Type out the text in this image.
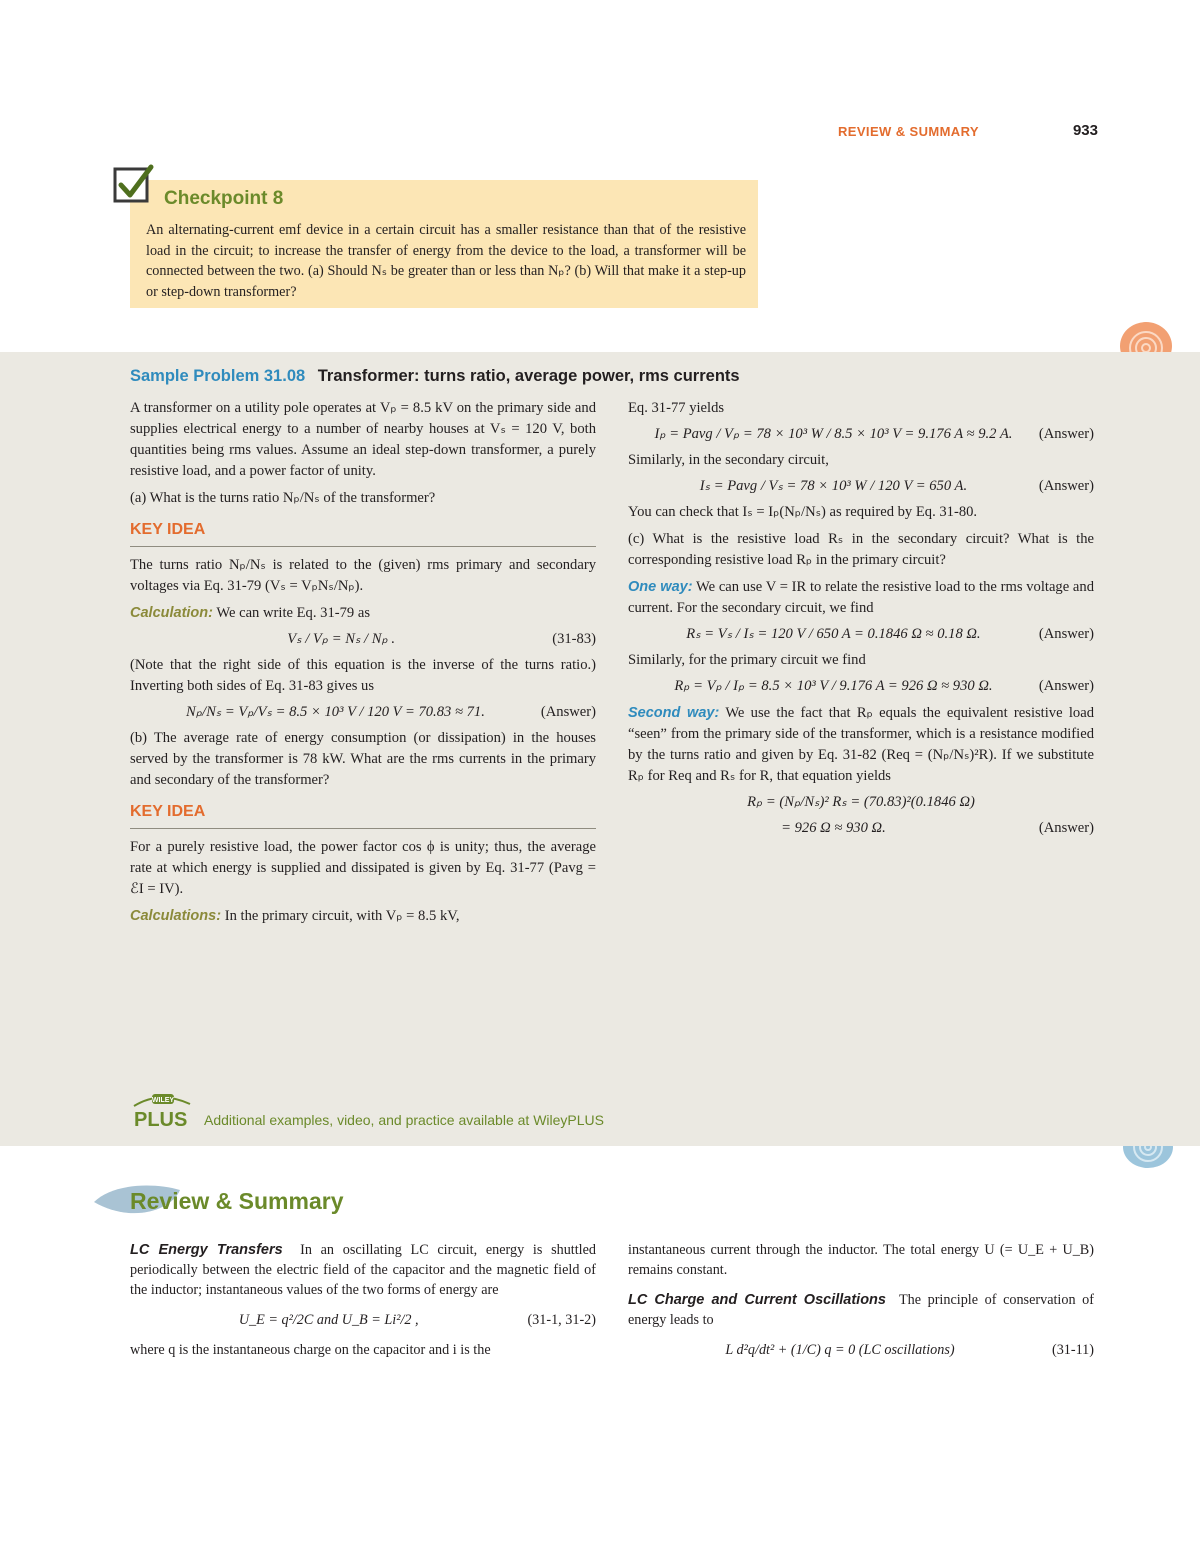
REVIEW & SUMMARY	933
Checkpoint 8
An alternating-current emf device in a certain circuit has a smaller resistance than that of the resistive load in the circuit; to increase the transfer of energy from the device to the load, a transformer will be connected between the two. (a) Should Nₛ be greater than or less than Nₚ? (b) Will that make it a step-up or step-down transformer?
Sample Problem 31.08 Transformer: turns ratio, average power, rms currents

A transformer on a utility pole operates at Vₚ = 8.5 kV on the primary side and supplies electrical energy to a number of nearby houses at Vₛ = 120 V, both quantities being rms values. Assume an ideal step-down transformer, a purely resistive load, and a power factor of unity.

(a) What is the turns ratio Nₚ/Nₛ of the transformer?

KEY IDEA

The turns ratio Nₚ/Nₛ is related to the (given) rms primary and secondary voltages via Eq. 31-79 (Vₛ = VₚNₛ/Nₚ).

Calculation: We can write Eq. 31-79 as

Vₛ / Vₚ = Nₛ / Nₚ .	(31-83)

(Note that the right side of this equation is the inverse of the turns ratio.) Inverting both sides of Eq. 31-83 gives us

Nₚ/Nₛ = Vₚ/Vₛ = 8.5 × 10³ V / 120 V = 70.83 ≈ 71.	(Answer)

(b) The average rate of energy consumption (or dissipation) in the houses served by the transformer is 78 kW. What are the rms currents in the primary and secondary of the transformer?

KEY IDEA

For a purely resistive load, the power factor cos ϕ is unity; thus, the average rate at which energy is supplied and dissipated is given by Eq. 31-77 (Pavg = ℰI = IV).

Calculations: In the primary circuit, with Vₚ = 8.5 kV,

Eq. 31-77 yields

Iₚ = Pavg / Vₚ = 78 × 10³ W / 8.5 × 10³ V = 9.176 A ≈ 9.2 A.	(Answer)

Similarly, in the secondary circuit,

Iₛ = Pavg / Vₛ = 78 × 10³ W / 120 V = 650 A.	(Answer)

You can check that Iₛ = Iₚ(Nₚ/Nₛ) as required by Eq. 31-80.

(c) What is the resistive load Rₛ in the secondary circuit? What is the corresponding resistive load Rₚ in the primary circuit?

One way: We can use V = IR to relate the resistive load to the rms voltage and current. For the secondary circuit, we find

Rₛ = Vₛ / Iₛ = 120 V / 650 A = 0.1846 Ω ≈ 0.18 Ω.	(Answer)

Similarly, for the primary circuit we find

Rₚ = Vₚ / Iₚ = 8.5 × 10³ V / 9.176 A = 926 Ω ≈ 930 Ω.	(Answer)

Second way: We use the fact that Rₚ equals the equivalent resistive load “seen” from the primary side of the transformer, which is a resistance modified by the turns ratio and given by Eq. 31-82 (Req = (Nₚ/Nₛ)²R). If we substitute Rₚ for Req and Rₛ for R, that equation yields

Rₚ = (Nₚ/Nₛ)² Rₛ = (70.83)²(0.1846 Ω)
= 926 Ω ≈ 930 Ω.	(Answer)
WILEY
PLUS Additional examples, video, and practice available at WileyPLUS
Review & Summary

LC Energy Transfers In an oscillating LC circuit, energy is shuttled periodically between the electric field of the capacitor and the magnetic field of the inductor; instantaneous values of the two forms of energy are

U_E = q²/2C and U_B = Li²/2 ,	(31-1, 31-2)

where q is the instantaneous charge on the capacitor and i is the

instantaneous current through the inductor. The total energy U (= U_E + U_B) remains constant.

LC Charge and Current Oscillations The principle of conservation of energy leads to

L d²q/dt² + (1/C) q = 0 (LC oscillations)	(31-11)
